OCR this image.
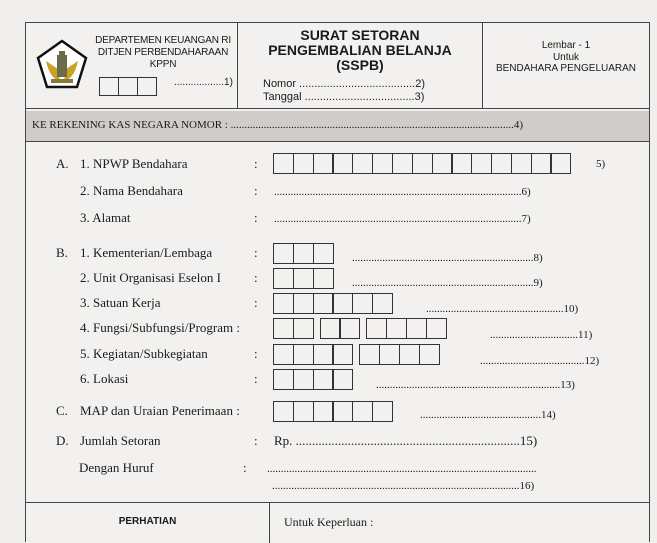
DEPARTEMEN KEUANGAN RI
DITJEN PERBENDAHARAAN
KPPN
..................1)
SURAT SETORAN
PENGEMBALIAN BELANJA
(SSPB)
Nomor ......................................2)
Tanggal ....................................3)
Lembar - 1
Untuk
BENDAHARA PENGELUARAN
KE REKENING KAS NEGARA NOMOR : .......................................................................................................4)
A. 1. NPWP Bendahara	:	5)
2. Nama Bendahara	: ..........................................................................................6)
3. Alamat	: ..........................................................................................7)
B. 1. Kementerian/Lembaga	:	..................................................................8)
2. Unit Organisasi Eselon I	:	..................................................................9)
3. Satuan Kerja	:	..................................................10)
4. Fungsi/Subfungsi/Program :	................................11)
5. Kegiatan/Subkegiatan	:	......................................12)
6. Lokasi	:	...................................................................13)
C. MAP dan Uraian Penerimaan :	............................................14)
D. Jumlah Setoran	: Rp. .....................................................................15)
Dengan Huruf	: ..................................................................................................
..........................................................................................16)
PERHATIAN	Untuk Keperluan :
